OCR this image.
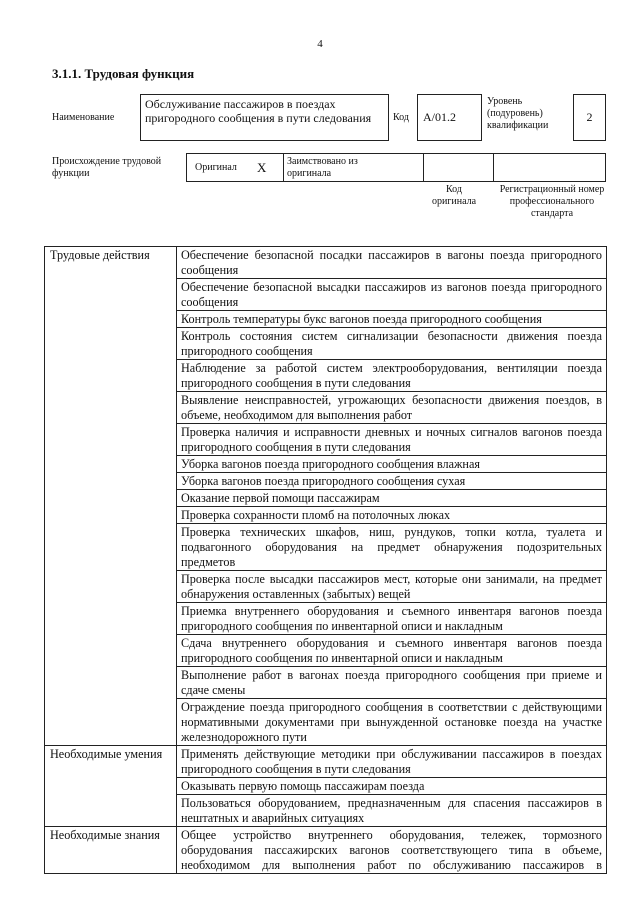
4
3.1.1. Трудовая функция
Наименование
Обслуживание пассажиров в поездах пригородного сообщения в пути следования	Код	А/01.2
Уровень (подуровень) квалификации
2
Происхождение трудовой функции
Оригинал X Заимствовано из оригинала
Код оригинала
Регистрационный номер профессионального стандарта
Трудовые действия	Обеспечение безопасной посадки пассажиров в вагоны поезда пригородного сообщения
	Обеспечение безопасной высадки пассажиров из вагонов поезда пригородного сообщения
	Контроль температуры букс вагонов поезда пригородного сообщения
	Контроль состояния систем сигнализации безопасности движения поезда пригородного сообщения
	Наблюдение за работой систем электрооборудования, вентиляции поезда пригородного сообщения в пути следования
	Выявление неисправностей, угрожающих безопасности движения поездов, в объеме, необходимом для выполнения работ
	Проверка наличия и исправности дневных и ночных сигналов вагонов поезда пригородного сообщения в пути следования
	Уборка вагонов поезда пригородного сообщения влажная
	Уборка вагонов поезда пригородного сообщения сухая
	Оказание первой помощи пассажирам
	Проверка сохранности пломб на потолочных люках
	Проверка технических шкафов, ниш, рундуков, топки котла, туалета и подвагонного оборудования на предмет обнаружения подозрительных предметов
	Проверка после высадки пассажиров мест, которые они занимали, на предмет обнаружения оставленных (забытых) вещей
	Приемка внутреннего оборудования и съемного инвентаря вагонов поезда пригородного сообщения по инвентарной описи и накладным
	Сдача внутреннего оборудования и съемного инвентаря вагонов поезда пригородного сообщения по инвентарной описи и накладным
	Выполнение работ в вагонах поезда пригородного сообщения при приеме и сдаче смены
	Ограждение поезда пригородного сообщения в соответствии с действующими нормативными документами при вынужденной остановке поезда на участке железнодорожного пути
Необходимые умения	Применять действующие методики при обслуживании пассажиров в поездах пригородного сообщения в пути следования
	Оказывать первую помощь пассажирам поезда
	Пользоваться оборудованием, предназначенным для спасения пассажиров в нештатных и аварийных ситуациях
Необходимые знания	Общее устройство внутреннего оборудования, тележек, тормозного оборудования пассажирских вагонов соответствующего типа в объеме, необходимом для выполнения работ по обслуживанию пассажиров в
